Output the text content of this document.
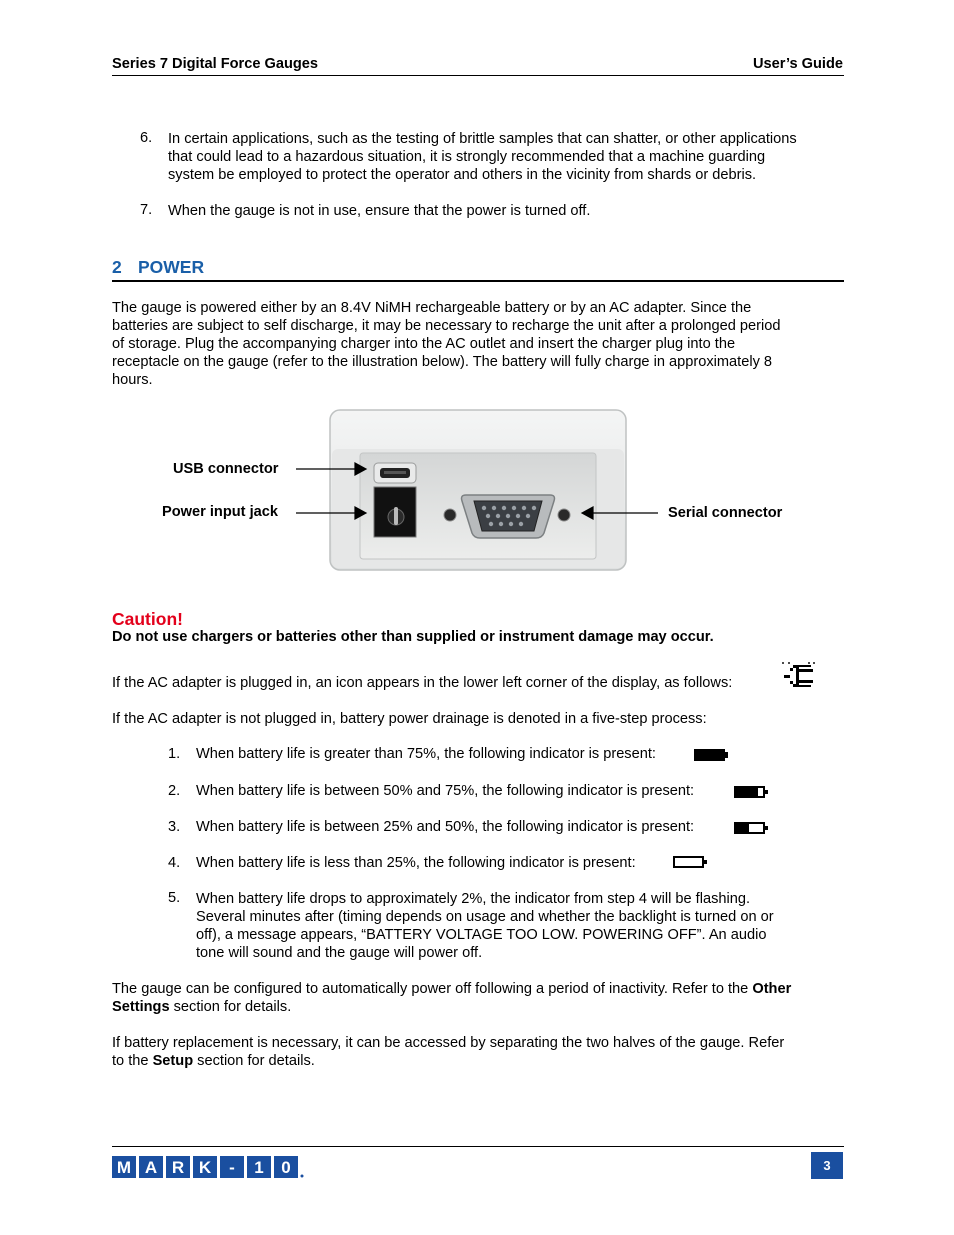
Series 7 Digital Force Gauges	User’s Guide
6.	In certain applications, such as the testing of brittle samples that can shatter, or other applications
that could lead to a hazardous situation, it is strongly recommended that a machine guarding
system be employed to protect the operator and others in the vicinity from shards or debris.
7.	When the gauge is not in use, ensure that the power is turned off.
2 POWER
The gauge is powered either by an 8.4V NiMH rechargeable battery or by an AC adapter. Since the
batteries are subject to self discharge, it may be necessary to recharge the unit after a prolonged period
of storage. Plug the accompanying charger into the AC outlet and insert the charger plug into the
receptacle on the gauge (refer to the illustration below). The battery will fully charge in approximately 8
hours.
USB connector
Power input jack	Serial connector
Caution!
Do not use chargers or batteries other than supplied or instrument damage may occur.
If the AC adapter is plugged in, an icon appears in the lower left corner of the display, as follows:
If the AC adapter is not plugged in, battery power drainage is denoted in a five-step process:
1. When battery life is greater than 75%, the following indicator is present:
2. When battery life is between 50% and 75%, the following indicator is present:
3. When battery life is between 25% and 50%, the following indicator is present:
4. When battery life is less than 25%, the following indicator is present:
5. When battery life drops to approximately 2%, the indicator from step 4 will be flashing.
Several minutes after (timing depends on usage and whether the backlight is turned on or
off), a message appears, “BATTERY VOLTAGE TOO LOW. POWERING OFF”. An audio
tone will sound and the gauge will power off.
The gauge can be configured to automatically power off following a period of inactivity. Refer to the Other
Settings section for details.
If battery replacement is necessary, it can be accessed by separating the two halves of the gauge. Refer
to the Setup section for details.
M A R K - 1 0	3
